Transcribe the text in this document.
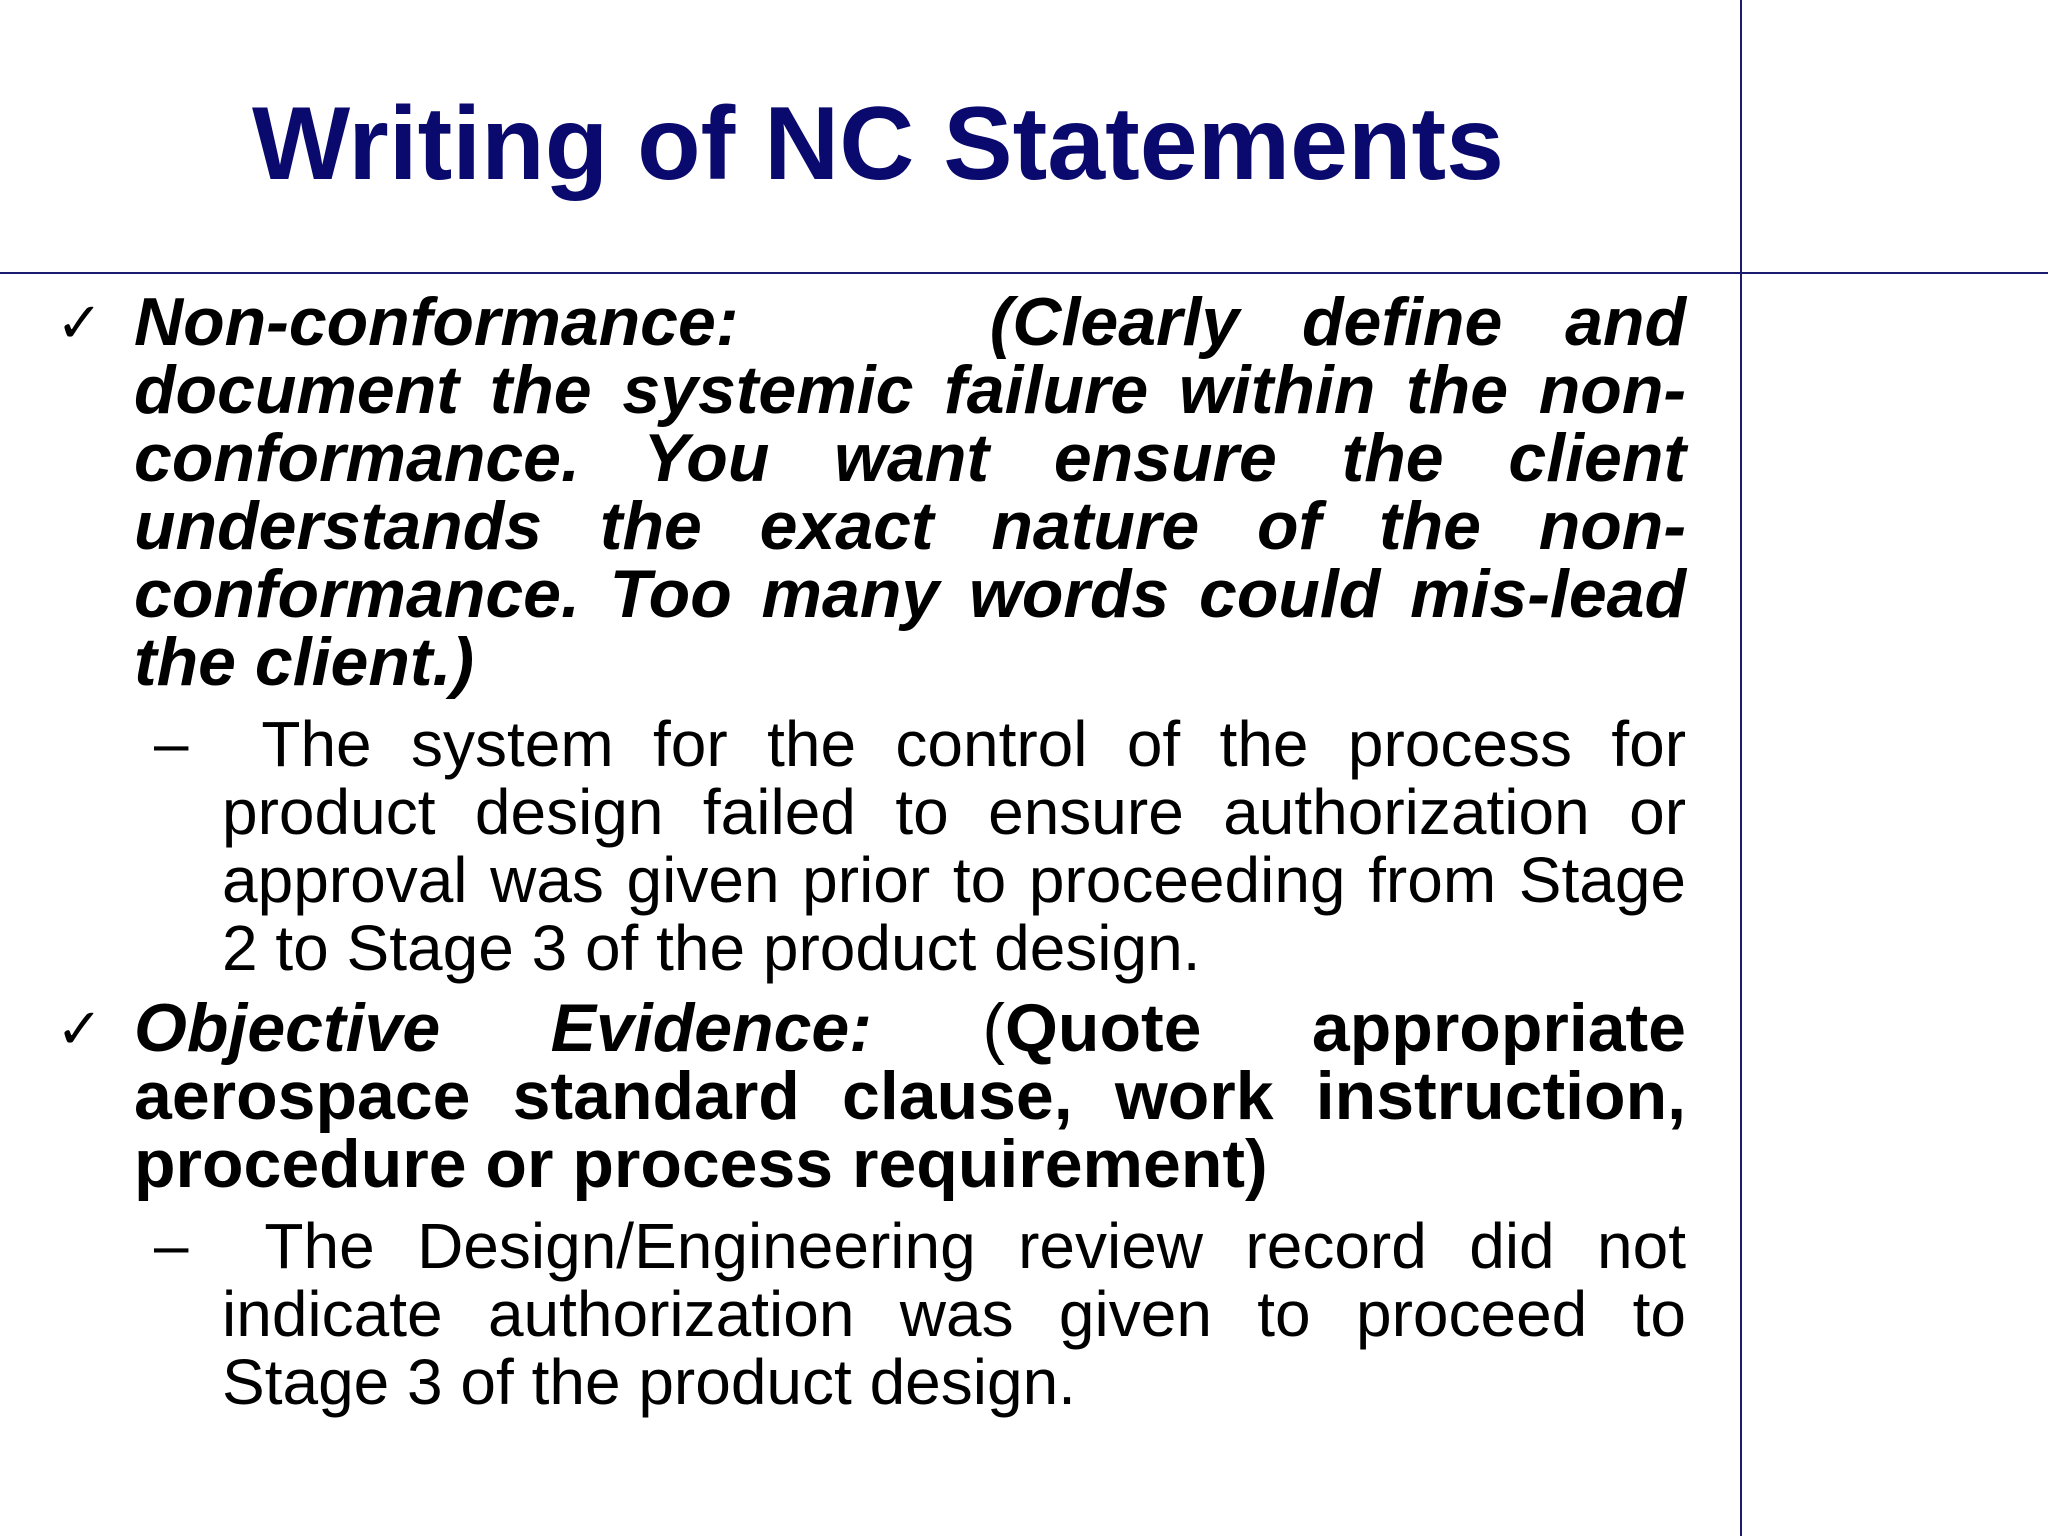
Writing of NC Statements
✓ Non-conformance:	(Clearly define and document the systemic failure within the non-conformance. You want ensure the client understands the exact nature of the non-conformance. Too many words could mis-lead the client.)
– The system for the control of the process for product design failed to ensure authorization or approval was given prior to proceeding from Stage 2 to Stage 3 of the product design.
✓ Objective Evidence: (Quote appropriate aerospace standard clause, work instruction, procedure or process requirement)
– The Design/Engineering review record did not indicate authorization was given to proceed to Stage 3 of the product design.
